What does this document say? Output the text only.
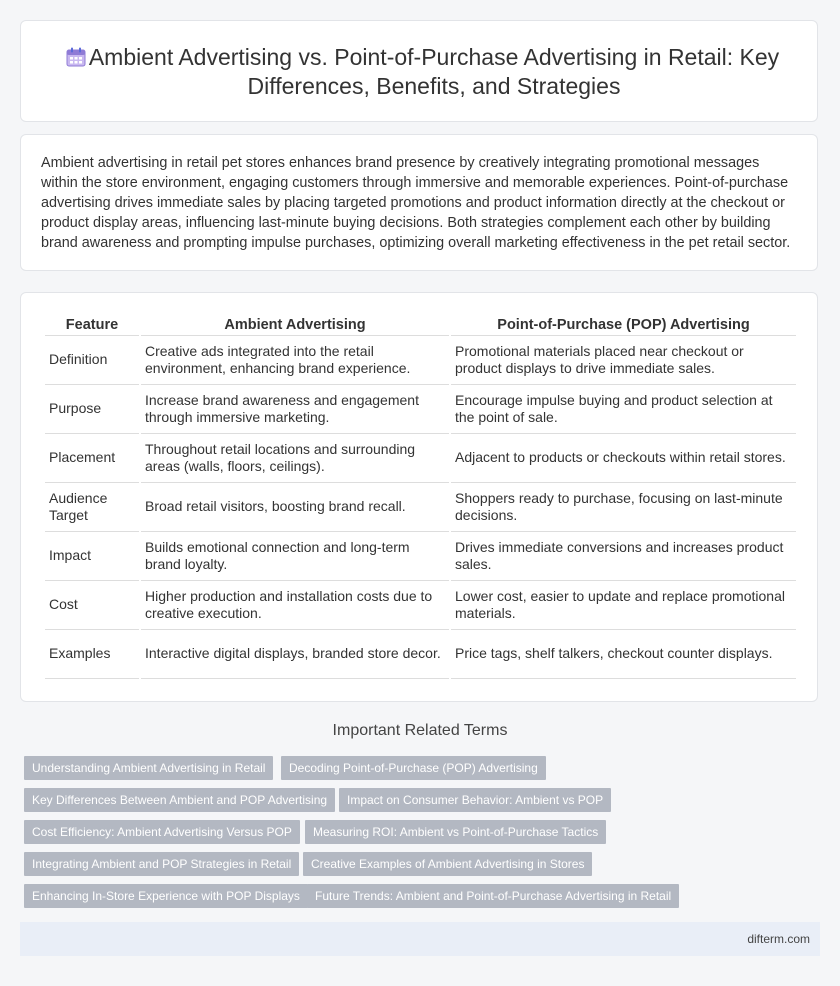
Ambient Advertising vs. Point-of-Purchase Advertising in Retail: Key Differences, Benefits, and Strategies

Ambient advertising in retail pet stores enhances brand presence by creatively integrating promotional messages within the store environment, engaging customers through immersive and memorable experiences. Point-of-purchase advertising drives immediate sales by placing targeted promotions and product information directly at the checkout or product display areas, influencing last-minute buying decisions. Both strategies complement each other by building brand awareness and prompting impulse purchases, optimizing overall marketing effectiveness in the pet retail sector.

Feature	Ambient Advertising	Point-of-Purchase (POP) Advertising
Definition	Creative ads integrated into the retail environment, enhancing brand experience.	Promotional materials placed near checkout or product displays to drive immediate sales.
Purpose	Increase brand awareness and engagement through immersive marketing.	Encourage impulse buying and product selection at the point of sale.
Placement	Throughout retail locations and surrounding areas (walls, floors, ceilings).	Adjacent to products or checkouts within retail stores.
Audience Target	Broad retail visitors, boosting brand recall.	Shoppers ready to purchase, focusing on last-minute decisions.
Impact	Builds emotional connection and long-term brand loyalty.	Drives immediate conversions and increases product sales.
Cost	Higher production and installation costs due to creative execution.	Lower cost, easier to update and replace promotional materials.
Examples	Interactive digital displays, branded store decor.	Price tags, shelf talkers, checkout counter displays.
Important Related Terms
Understanding Ambient Advertising in Retail	Decoding Point-of-Purchase (POP) Advertising
Key Differences Between Ambient and POP Advertising	Impact on Consumer Behavior: Ambient vs POP
Cost Efficiency: Ambient Advertising Versus POP	Measuring ROI: Ambient vs Point-of-Purchase Tactics
Integrating Ambient and POP Strategies in Retail	Creative Examples of Ambient Advertising in Stores
Enhancing In-Store Experience with POP Displays	Future Trends: Ambient and Point-of-Purchase Advertising in Retail
difterm.com
